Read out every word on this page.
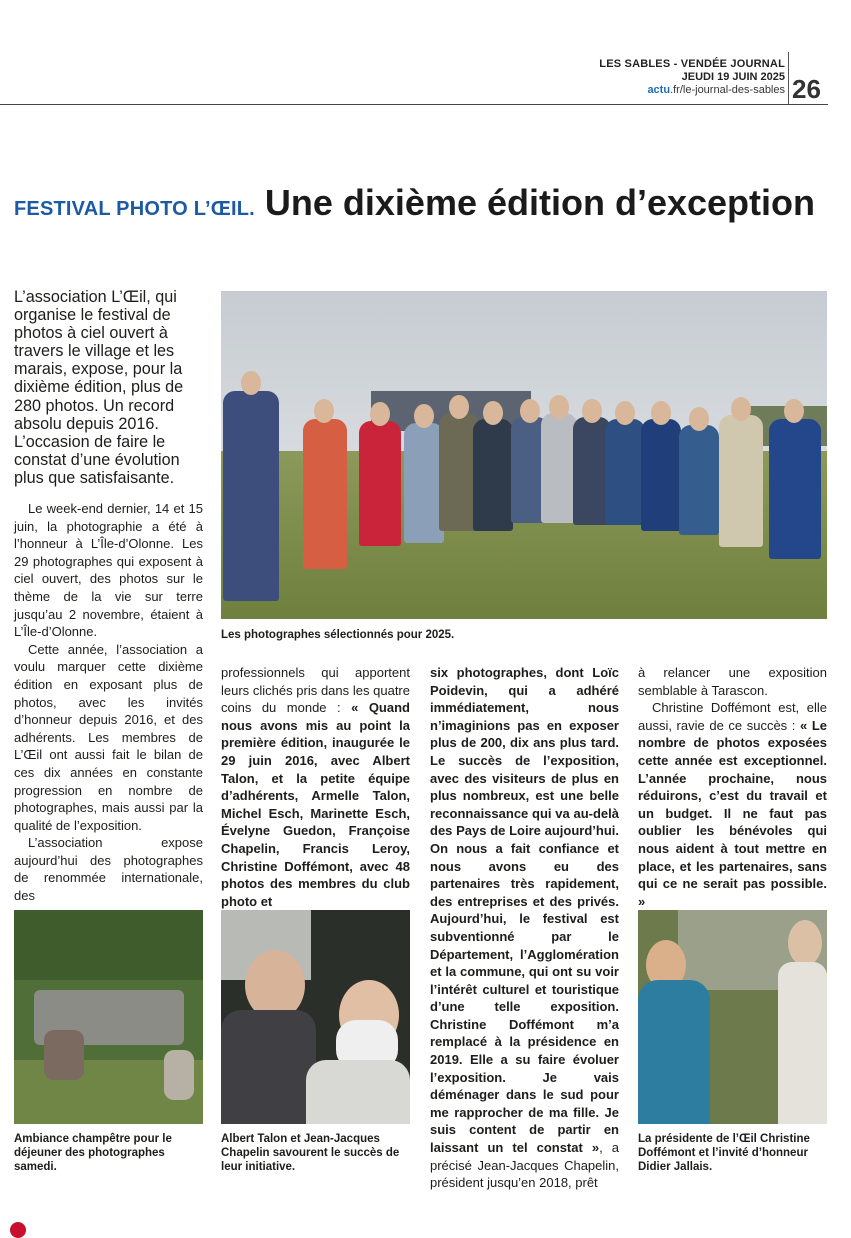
LES SABLES - VENDÉE JOURNAL
JEUDI 19 JUIN 2025
actu.fr/le-journal-des-sables 26
FESTIVAL PHOTO L’ŒIL. Une dixième édition d’exception
L’association L’Œil, qui organise le festival de photos à ciel ouvert à travers le village et les marais, expose, pour la dixième édition, plus de 280 photos. Un record absolu depuis 2016. L’occasion de faire le constat d’une évolution plus que satisfaisante.
Les photographes sélectionnés pour 2025.

Le week-end dernier, 14 et 15 juin, la photographie a été à l’honneur à L’Île-d’Olonne. Les 29 photographes qui exposent à ciel ouvert, des photos sur le thème de la vie sur terre jusqu’au 2 novembre, étaient à L’Île-d’Olonne.

Cette année, l’association a voulu marquer cette dixième édition en exposant plus de photos, avec les invités d’honneur depuis 2016, et des adhérents. Les membres de L’Œil ont aussi fait le bilan de ces dix années en constante progression en nombre de photographes, mais aussi par la qualité de l’exposition.

L’association expose aujourd’hui des photographes de renommée internationale, des

professionnels qui apportent leurs clichés pris dans les quatre coins du monde : « Quand nous avons mis au point la première édition, inaugurée le 29 juin 2016, avec Albert Talon, et la petite équipe d’adhérents, Armelle Talon, Michel Esch, Marinette Esch, Évelyne Guedon, Françoise Chapelin, Francis Leroy, Christine Doffémont, avec 48 photos des membres du club photo et

six photographes, dont Loïc Poidevin, qui a adhéré immédiatement, nous n’imaginions pas en exposer plus de 200, dix ans plus tard. Le succès de l’exposition, avec des visiteurs de plus en plus nombreux, est une belle reconnaissance qui va au-delà des Pays de Loire aujourd’hui. On nous a fait confiance et nous avons eu des partenaires très rapidement, des entreprises et des privés. Aujourd’hui, le festival est subventionné par le Département, l’Agglomération et la commune, qui ont su voir l’intérêt culturel et touristique d’une telle exposition. Christine Doffémont m’a remplacé à la présidence en 2019. Elle a su faire évoluer l’exposition. Je vais déménager dans le sud pour me rapprocher de ma fille. Je suis content de partir en laissant un tel constat », a précisé Jean-Jacques Chapelin, président jusqu’en 2018, prêt

à relancer une exposition semblable à Tarascon.

Christine Doffémont est, elle aussi, ravie de ce succès : « Le nombre de photos exposées cette année est exceptionnel. L’année prochaine, nous réduirons, c’est du travail et un budget. Il ne faut pas oublier les bénévoles qui nous aident à tout mettre en place, et les partenaires, sans qui ce ne serait pas possible. »

Ambiance champêtre pour le déjeuner des photographes samedi.
Albert Talon et Jean-Jacques Chapelin savourent le succès de leur initiative.
La présidente de l’Œil Christine Doffémont et l’invité d’honneur Didier Jallais.
